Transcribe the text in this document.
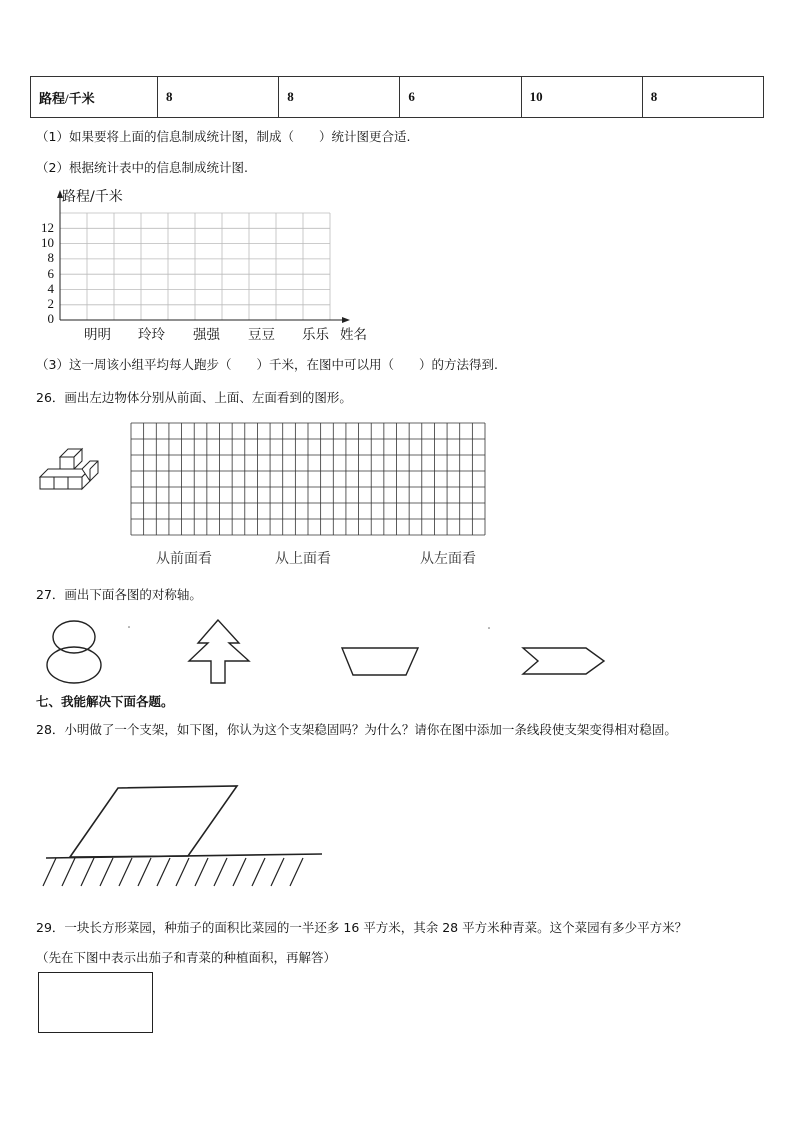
路程/千米	8	8	6	10	8
（1）如果要将上面的信息制成统计图，制成（　　）统计图更合适.
（2）根据统计表中的信息制成统计图.
路程/千米
12
10
8
6
4
2
0
明明 玲玲 强强 豆豆 乐乐 姓名
（3）这一周该小组平均每人跑步（　　）千米，在图中可以用（　　）的方法得到.
26．画出左边物体分别从前面、上面、左面看到的图形。
从前面看	从上面看	从左面看
27．画出下面各图的对称轴。
七、我能解决下面各题。
28．小明做了一个支架，如下图，你认为这个支架稳固吗？为什么？请你在图中添加一条线段使支架变得相对稳固。
29．一块长方形菜园，种茄子的面积比菜园的一半还多 16 平方米，其余 28 平方米种青菜。这个菜园有多少平方米？
（先在下图中表示出茄子和青菜的种植面积，再解答）
